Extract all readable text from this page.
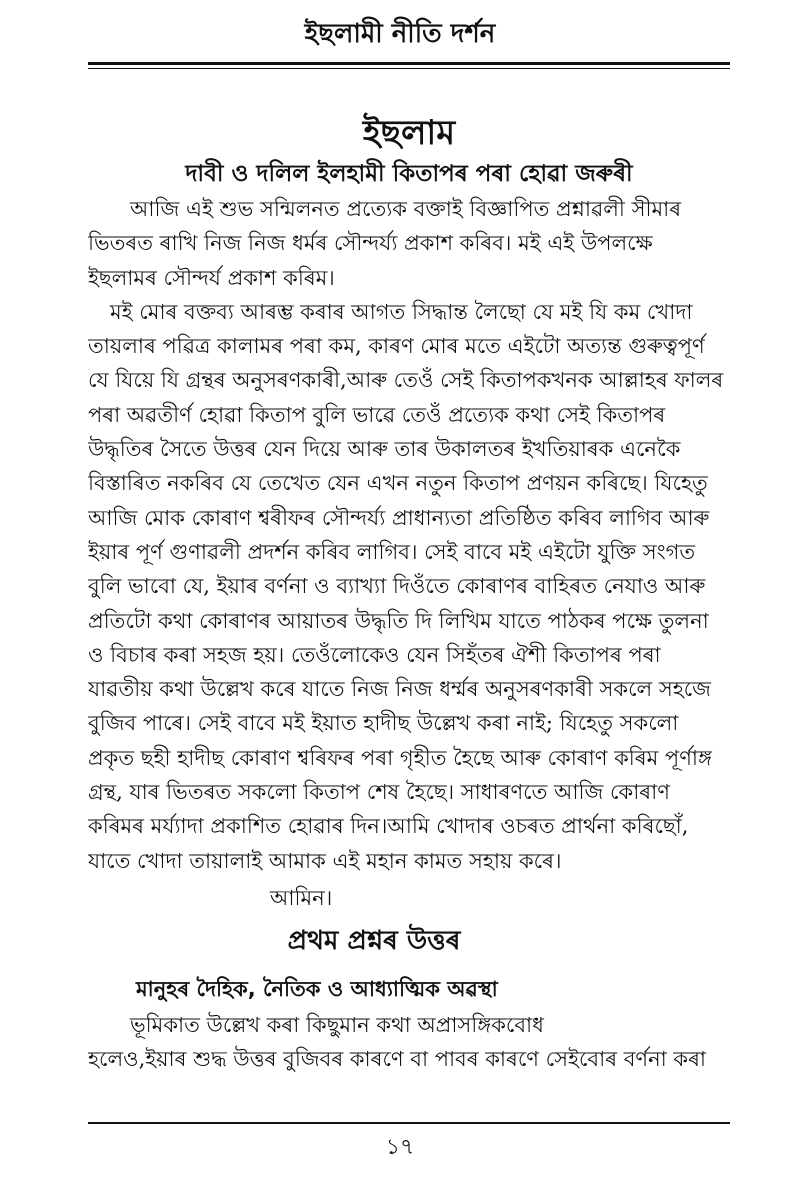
ইছলামী নীতি দৰ্শন
ইছলাম
দাবী ও দলিল ইলহামী কিতাপৰ পৰা হোৱা জৰুৰী

আজি এই শুভ সন্মিলনত প্ৰত্যেক বক্তাই বিজ্ঞাপিত প্ৰশ্নাৱলী সীমাৰ
ভিতৰত ৰাখি নিজ নিজ ধৰ্মৰ সৌন্দৰ্য্য প্ৰকাশ কৰিব। মই এই উপলক্ষে
ইছলামৰ সৌন্দৰ্য প্ৰকাশ কৰিম।

মই মোৰ বক্তব্য আৰম্ভ কৰাৰ আগত সিদ্ধান্ত লৈছো যে মই যি কম খোদা
তায়লাৰ পৱিত্ৰ কালামৰ পৰা কম, কাৰণ মোৰ মতে এইটো অত্যন্ত গুৰুত্বপূৰ্ণ
যে যিয়ে যি গ্ৰন্থৰ অনুসৰণকাৰী,আৰু তেওঁ সেই কিতাপকখনক আল্লাহৰ ফালৰ
পৰা অৱতীৰ্ণ হোৱা কিতাপ বুলি ভাৱে তেওঁ প্ৰত্যেক কথা সেই কিতাপৰ
উদ্ধৃতিৰ সৈতে উত্তৰ যেন দিয়ে আৰু তাৰ উকালতৰ ইখতিয়াৰক এনেকৈ
বিস্তাৰিত নকৰিব যে তেখেত যেন এখন নতুন কিতাপ প্ৰণয়ন কৰিছে। যিহেতু
আজি মোক কোৰাণ শ্বৰীফৰ সৌন্দৰ্য্য প্ৰাধান্যতা প্ৰতিষ্ঠিত কৰিব লাগিব আৰু
ইয়াৰ পূৰ্ণ গুণাৱলী প্ৰদৰ্শন কৰিব লাগিব। সেই বাবে মই এইটো যুক্তি সংগত
বুলি ভাবো যে, ইয়াৰ বৰ্ণনা ও ব্যাখ্যা দিওঁতে কোৰাণৰ বাহিৰত নেযাও আৰু
প্ৰতিটো কথা কোৰাণৰ আয়াতৰ উদ্ধৃতি দি লিখিম যাতে পাঠকৰ পক্ষে তুলনা
ও বিচাৰ কৰা সহজ হয়। তেওঁলোকেও যেন সিহঁতৰ ঐশী কিতাপৰ পৰা
যাৱতীয় কথা উল্লেখ কৰে যাতে নিজ নিজ ধৰ্ম্মৰ অনুসৰণকাৰী সকলে সহজে
বুজিব পাৰে। সেই বাবে মই ইয়াত হাদীছ উল্লেখ কৰা নাই; যিহেতু সকলো
প্ৰকৃত ছহী হাদীছ কোৰাণ শ্বৰিফৰ পৰা গৃহীত হৈছে আৰু কোৰাণ কৰিম পূৰ্ণাঙ্গ
গ্ৰন্থ, যাৰ ভিতৰত সকলো কিতাপ শেষ হৈছে। সাধাৰণতে আজি কোৰাণ
কৰিমৰ মৰ্য্যাদা প্ৰকাশিত হোৱাৰ দিন।আমি খোদাৰ ওচৰত প্ৰাৰ্থনা কৰিছোঁ,
যাতে খোদা তায়ালাই আমাক এই মহান কামত সহায় কৰে।

আমিন।

প্ৰথম প্ৰশ্নৰ উত্তৰ
মানুহৰ দৈহিক, নৈতিক ও আধ্যাত্মিক অৱস্থা

ভূমিকাত উল্লেখ কৰা কিছুমান কথা অপ্ৰাসঙ্গিকবোধ
হলেও,ইয়াৰ শুদ্ধ উত্তৰ বুজিবৰ কাৰণে বা পাবৰ কাৰণে সেইবোৰ বৰ্ণনা কৰা

১৭
